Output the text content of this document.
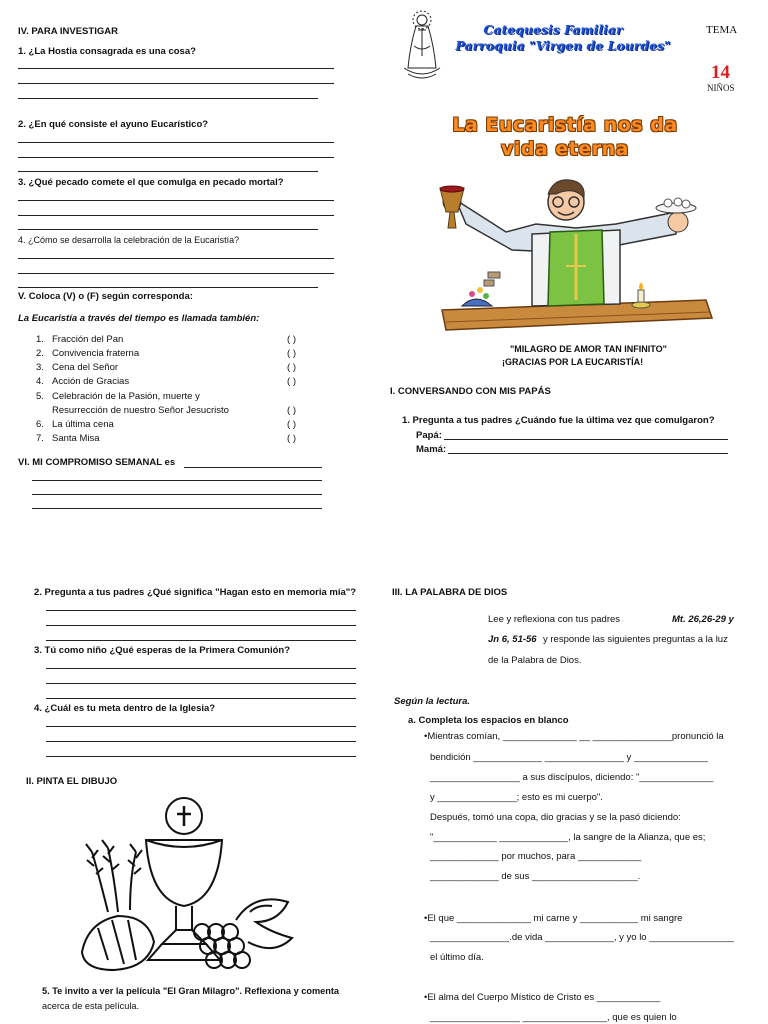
IV. PARA INVESTIGAR
1. ¿La Hostia consagrada es una cosa?
2. ¿En qué consiste el ayuno Eucarístico?
3. ¿Qué pecado comete el que comulga en pecado mortal?
4. ¿Cómo se desarrolla la celebración de la Eucaristía?
V. Coloca (V) o (F) según corresponda:
La Eucaristía a través del tiempo es llamada también:
1. Fracción del Pan	( )
2. Convivencia fraterna	( )
3. Cena del Señor	( )
4. Acción de Gracias	( )
5. Celebración de la Pasión, muerte y
Resurrección de nuestro Señor Jesucristo	( )
6. La última cena	( )
7. Santa Misa	( )
VI. MI COMPROMISO SEMANAL es
Catequesis Familiar
Parroquia "Virgen de Lourdes"
TEMA
14
NIÑOS
La Eucaristía nos da
vida eterna
"MILAGRO DE AMOR TAN INFINITO"
¡GRACIAS POR LA EUCARISTÍA!
I. CONVERSANDO CON MIS PAPÁS
1. Pregunta a tus padres ¿Cuándo fue la última vez que comulgaron?
Papá:
Mamá:
2. Pregunta a tus padres ¿Qué significa "Hagan esto en memoria mía"?
3. Tú como niño ¿Qué esperas de la Primera Comunión?
4. ¿Cuál es tu meta dentro de la Iglesia?
II. PINTA EL DIBUJO
5. Te invito a ver la película "El Gran Milagro". Reflexiona y comenta
acerca de esta película.
III. LA PALABRA DE DIOS
Lee y reflexiona con tus padres	Mt. 26,26-29 y
Jn 6, 51-56 y responde las siguientes preguntas a la luz
de la Palabra de Dios.
Según la lectura.
a. Completa los espacios en blanco
•Mientras comían, ______________ __ _______________pronunció la
bendición _____________ _______________ y ______________
_________________ a sus discípulos, diciendo: "______________
y _______________; esto es mi cuerpo".
Después, tomó una copa, dio gracias y se la pasó diciendo:
"____________ _____________, la sangre de la Alianza, que es;
_____________ por muchos, para ____________
_____________ de sus ____________________.
•El que ______________ mi carne y ___________ mi sangre
_______________.de vida _____________, y yo lo ________________
el último día.
•El alma del Cuerpo Místico de Cristo es ____________
_________________ ________________, que es quien lo
